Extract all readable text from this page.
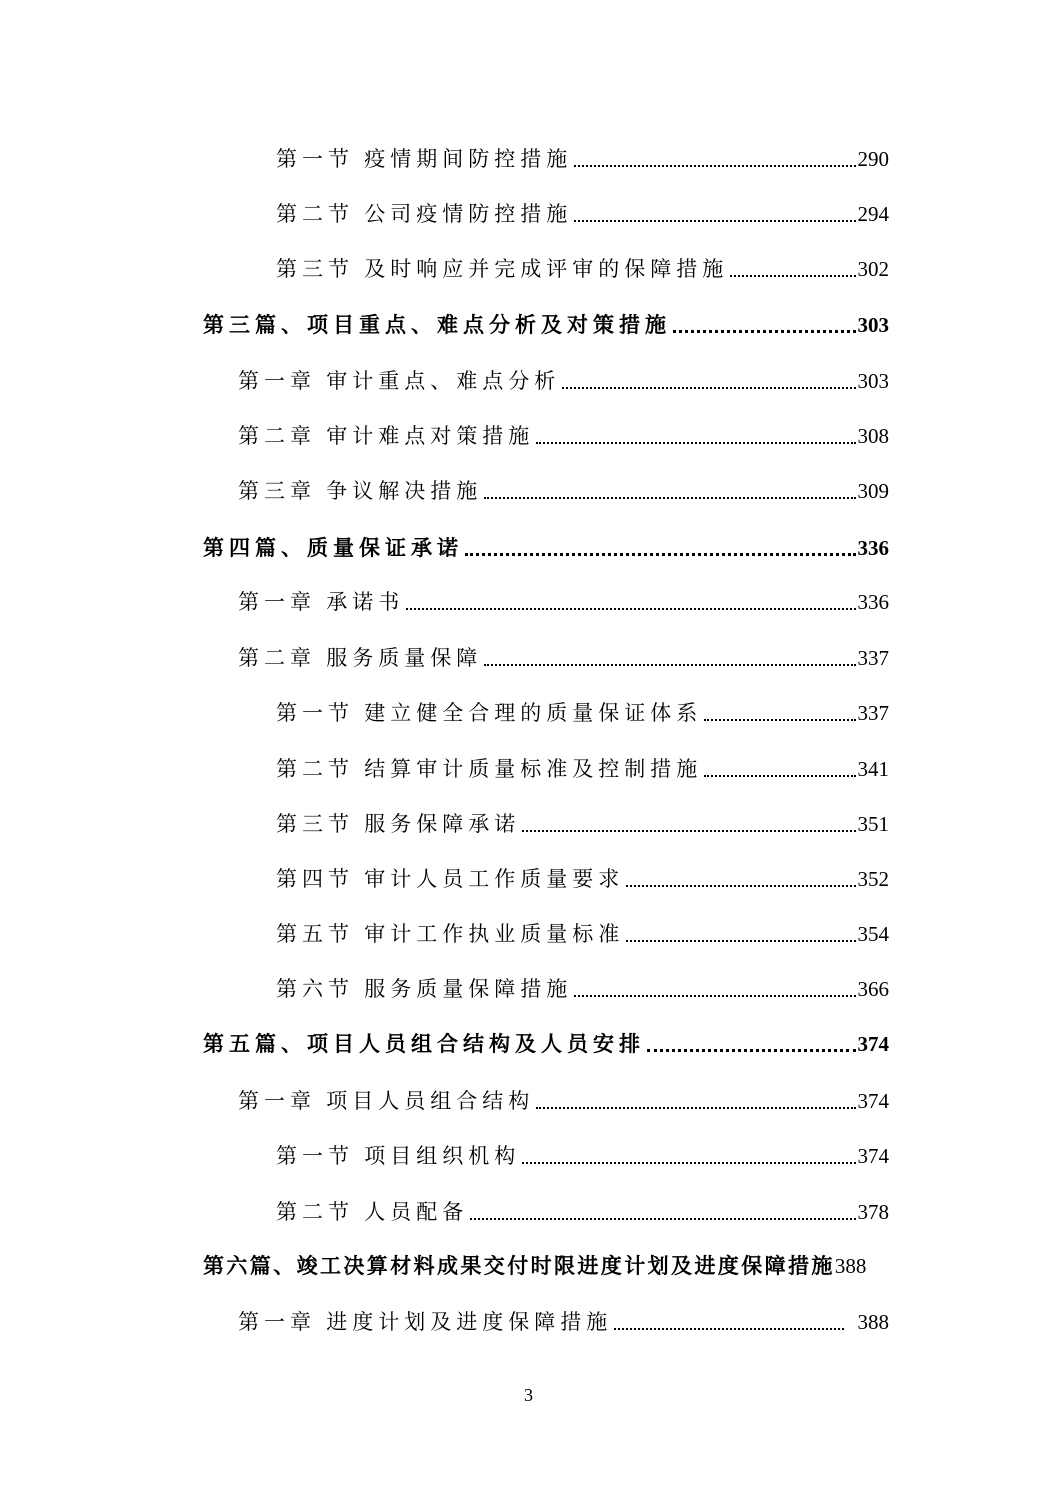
第一节 疫情期间防控措施	290
第二节 公司疫情防控措施	294
第三节 及时响应并完成评审的保障措施	302
第三篇、项目重点、难点分析及对策措施	303
第一章 审计重点、难点分析	303
第二章 审计难点对策措施	308
第三章 争议解决措施	309
第四篇、质量保证承诺	336
第一章 承诺书	336
第二章 服务质量保障	337
第一节 建立健全合理的质量保证体系	337
第二节 结算审计质量标准及控制措施	341
第三节 服务保障承诺	351
第四节 审计人员工作质量要求	352
第五节 审计工作执业质量标准	354
第六节 服务质量保障措施	366
第五篇、项目人员组合结构及人员安排	374
第一章 项目人员组合结构	374
第一节 项目组织机构	374
第二节 人员配备	378
第六篇、竣工决算材料成果交付时限进度计划及进度保障措施 388
第一章 进度计划及进度保障措施	388
3
